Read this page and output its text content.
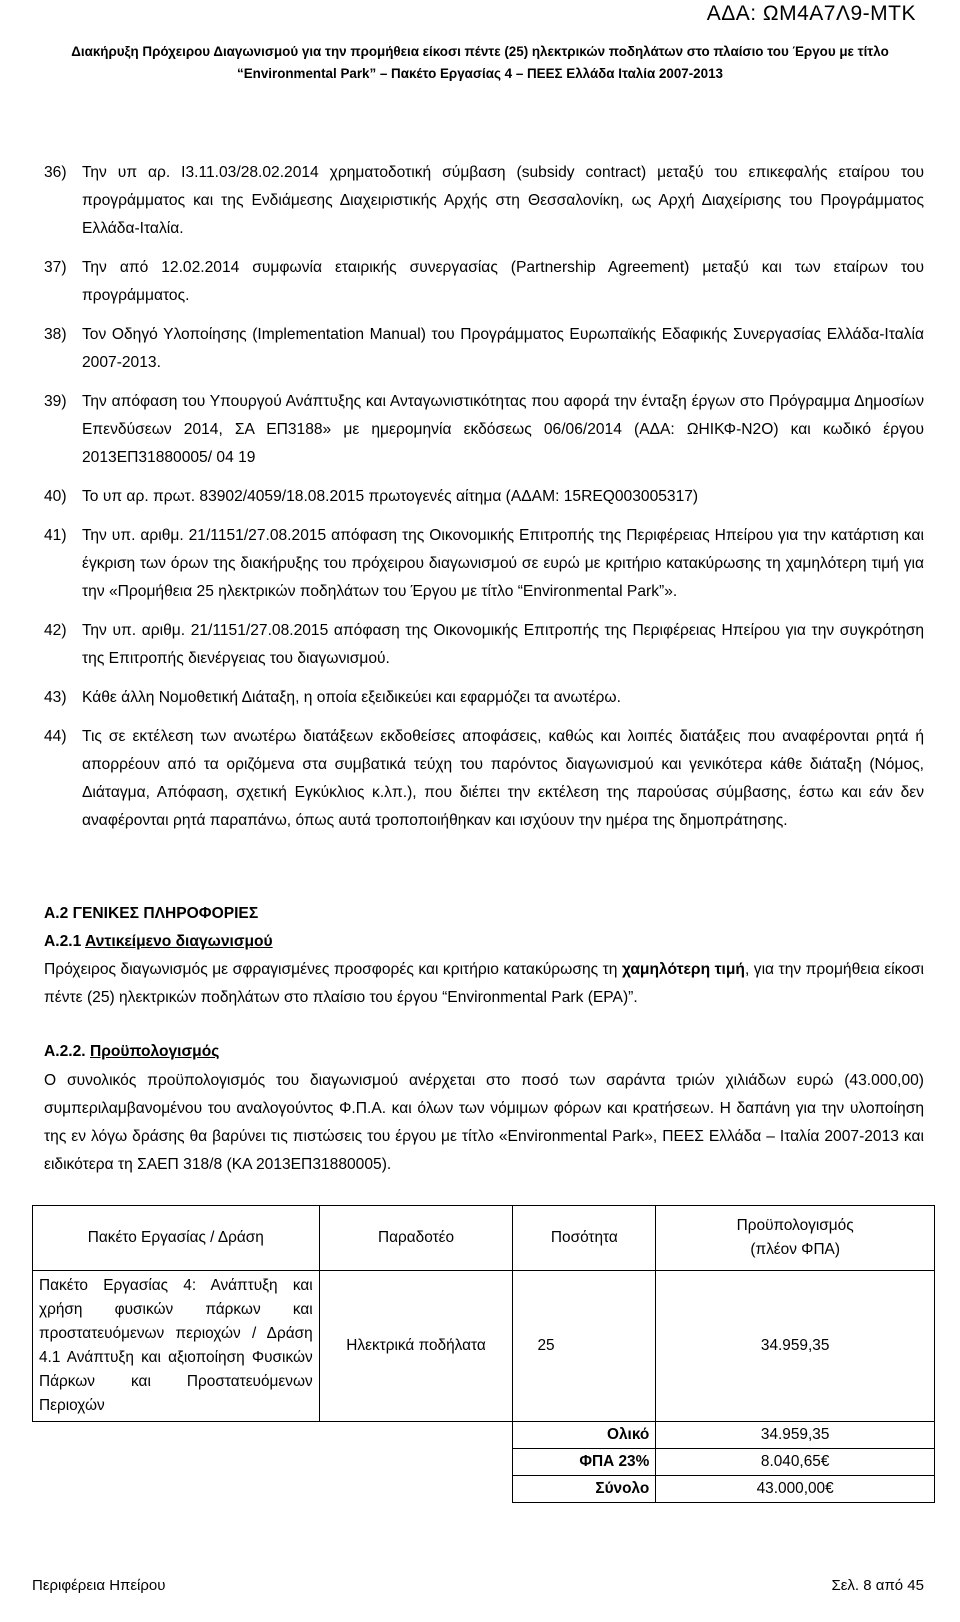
ΑΔΑ: ΩΜ4Α7Λ9-ΜΤΚ
Διακήρυξη Πρόχειρου Διαγωνισμού για την προμήθεια είκοσι πέντε (25) ηλεκτρικών ποδηλάτων στο πλαίσιο του Έργου με τίτλο
“Environmental Park” – Πακέτο Εργασίας 4 – ΠΕΕΣ Ελλάδα Ιταλία 2007-2013
36) Την υπ αρ. Ι3.11.03/28.02.2014 χρηματοδοτική σύμβαση (subsidy contract) μεταξύ του επικεφαλής εταίρου του προγράμματος και της Ενδιάμεσης Διαχειριστικής Αρχής στη Θεσσαλονίκη, ως Αρχή Διαχείρισης του Προγράμματος Ελλάδα-Ιταλία.
37) Την από 12.02.2014 συμφωνία εταιρικής συνεργασίας (Partnership Agreement) μεταξύ και των εταίρων του προγράμματος.
38) Τον Οδηγό Υλοποίησης (Implementation Manual) του Προγράμματος Ευρωπαϊκής Εδαφικής Συνεργασίας Ελλάδα-Ιταλία 2007-2013.
39) Την απόφαση του Υπουργού Ανάπτυξης και Ανταγωνιστικότητας που αφορά την ένταξη έργων στο Πρόγραμμα Δημοσίων Επενδύσεων 2014, ΣΑ ΕΠ3188» με ημερομηνία εκδόσεως 06/06/2014 (ΑΔΑ: ΩΗΙΚΦ-Ν2Ο) και κωδικό έργου 2013ΕΠ31880005/ 04 19
40) Το υπ αρ. πρωτ. 83902/4059/18.08.2015 πρωτογενές αίτημα (ΑΔΑΜ: 15REQ003005317)
41) Την υπ. αριθμ. 21/1151/27.08.2015 απόφαση της Οικονομικής Επιτροπής της Περιφέρειας Ηπείρου για την κατάρτιση και έγκριση των όρων της διακήρυξης του πρόχειρου διαγωνισμού σε ευρώ με κριτήριο κατακύρωσης τη χαμηλότερη τιμή για την «Προμήθεια 25 ηλεκτρικών ποδηλάτων του Έργου με τίτλο “Environmental Park”».
42) Την υπ. αριθμ. 21/1151/27.08.2015 απόφαση της Οικονομικής Επιτροπής της Περιφέρειας Ηπείρου για την συγκρότηση της Επιτροπής διενέργειας του διαγωνισμού.
43) Κάθε άλλη Νομοθετική Διάταξη, η οποία εξειδικεύει και εφαρμόζει τα ανωτέρω.
44) Τις σε εκτέλεση των ανωτέρω διατάξεων εκδοθείσες αποφάσεις, καθώς και λοιπές διατάξεις που αναφέρονται ρητά ή απορρέουν από τα οριζόμενα στα συμβατικά τεύχη του παρόντος διαγωνισμού και γενικότερα κάθε διάταξη (Νόμος, Διάταγμα, Απόφαση, σχετική Εγκύκλιος κ.λπ.), που διέπει την εκτέλεση της παρούσας σύμβασης, έστω και εάν δεν αναφέρονται ρητά παραπάνω, όπως αυτά τροποποιήθηκαν και ισχύουν την ημέρα της δημοπράτησης.
Α.2 ΓΕΝΙΚΕΣ ΠΛΗΡΟΦΟΡΙΕΣ
Α.2.1 Αντικείμενο διαγωνισμού
Πρόχειρος διαγωνισμός με σφραγισμένες προσφορές και κριτήριο κατακύρωσης τη χαμηλότερη τιμή, για την προμήθεια είκοσι πέντε (25) ηλεκτρικών ποδηλάτων στο πλαίσιο του έργου “Environmental Park (EPA)”.
Α.2.2. Προϋπολογισμός
Ο συνολικός προϋπολογισμός του διαγωνισμού ανέρχεται στο ποσό των σαράντα τριών χιλιάδων ευρώ (43.000,00) συμπεριλαμβανομένου του αναλογούντος Φ.Π.Α. και όλων των νόμιμων φόρων και κρατήσεων. Η δαπάνη για την υλοποίηση της εν λόγω δράσης θα βαρύνει τις πιστώσεις του έργου με τίτλο «Environmental Park», ΠΕΕΣ Ελλάδα – Ιταλία 2007-2013 και ειδικότερα τη ΣΑΕΠ 318/8 (ΚΑ 2013ΕΠ31880005).
Πακέτο Εργασίας / Δράση	Παραδοτέο	Ποσότητα	Προϋπολογισμός
(πλέον ΦΠΑ)

Πακέτο Εργασίας 4: Ανάπτυξη και χρήση φυσικών πάρκων και προστατευόμενων περιοχών / Δράση 4.1 Ανάπτυξη και αξιοποίηση Φυσικών Πάρκων και Προστατευόμενων Περιοχών	Ηλεκτρικά ποδήλατα	25	34.959,35
		Ολικό	34.959,35
		ΦΠΑ 23%	8.040,65€
		Σύνολο	43.000,00€
Περιφέρεια Ηπείρου	Σελ. 8 από 45
